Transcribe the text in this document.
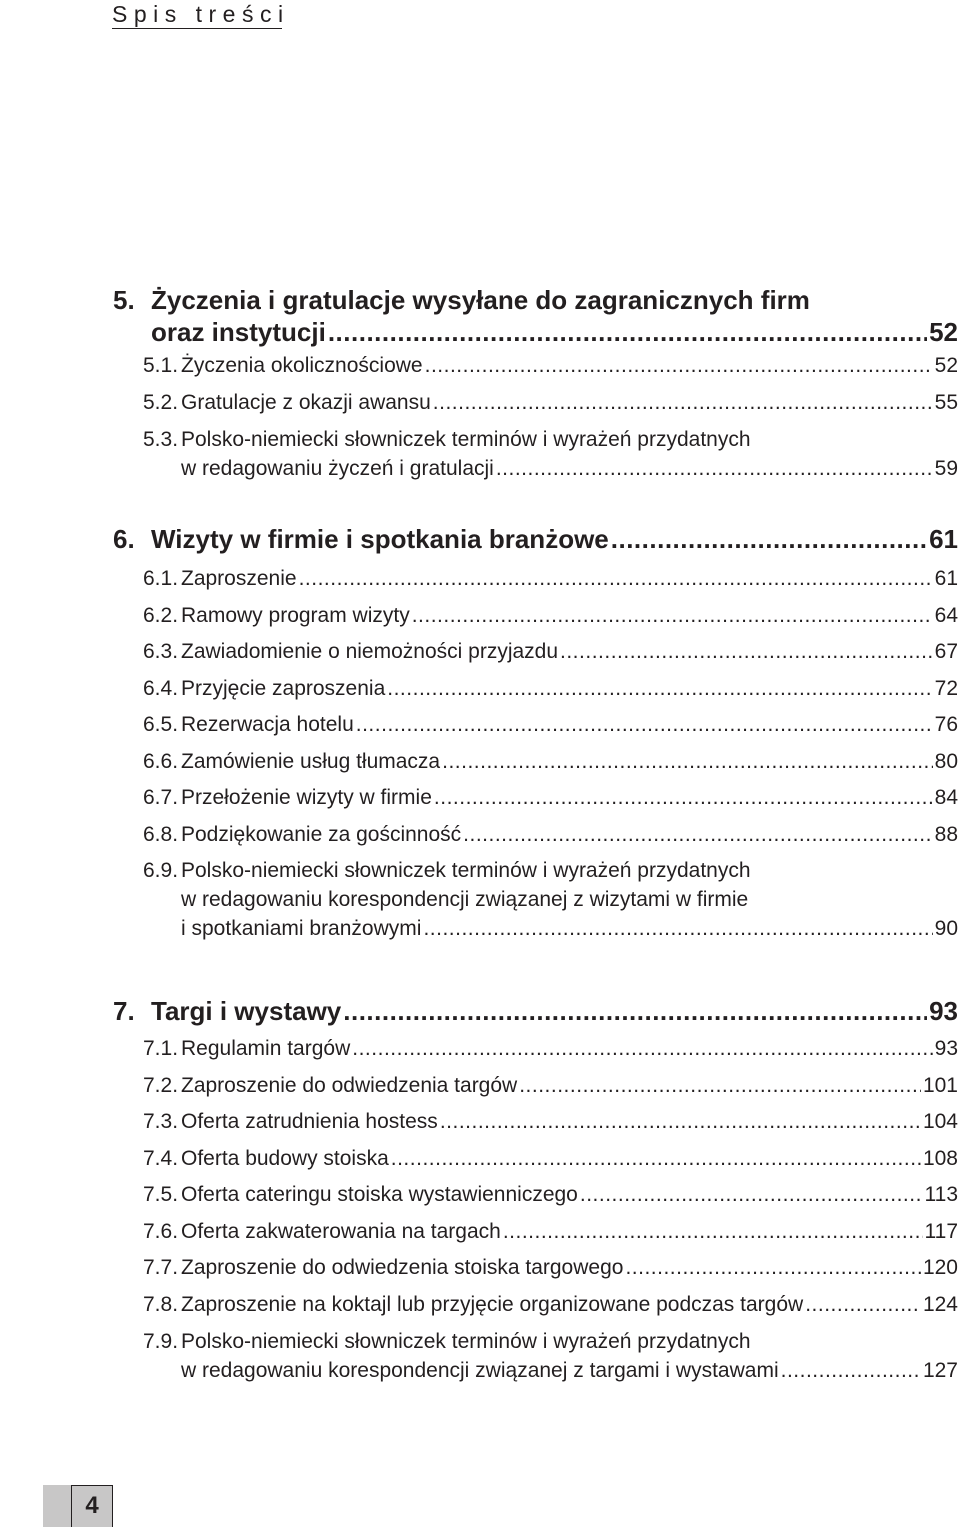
Spis treści
5. Życzenia i gratulacje wysyłane do zagranicznych firm
oraz instytucji .....	52
5.1. Życzenia okolicznościowe .....	52
5.2. Gratulacje z okazji awansu .....	55
5.3. Polsko-niemiecki słowniczek terminów i wyrażeń przydatnych
w redagowaniu życzeń i gratulacji .....	59
6. Wizyty w firmie i spotkania branżowe .....	61
6.1. Zaproszenie .....	61
6.2. Ramowy program wizyty .....	64
6.3. Zawiadomienie o niemożności przyjazdu .....	67
6.4. Przyjęcie zaproszenia .....	72
6.5. Rezerwacja hotelu .....	76
6.6. Zamówienie usług tłumacza .....	80
6.7. Przełożenie wizyty w firmie .....	84
6.8. Podziękowanie za gościnność .....	88
6.9. Polsko-niemiecki słowniczek terminów i wyrażeń przydatnych
w redagowaniu korespondencji związanej z wizytami w firmie
i spotkaniami branżowymi .....	90
7. Targi i wystawy .....	93
7.1. Regulamin targów .....	93
7.2. Zaproszenie do odwiedzenia targów .....	101
7.3. Oferta zatrudnienia hostess .....	104
7.4. Oferta budowy stoiska .....	108
7.5. Oferta cateringu stoiska wystawienniczego .....	113
7.6. Oferta zakwaterowania na targach .....	117
7.7. Zaproszenie do odwiedzenia stoiska targowego .....	120
7.8. Zaproszenie na koktajl lub przyjęcie organizowane podczas targów .....	124
7.9. Polsko-niemiecki słowniczek terminów i wyrażeń przydatnych
w redagowaniu korespondencji związanej z targami i wystawami .....	127
4
